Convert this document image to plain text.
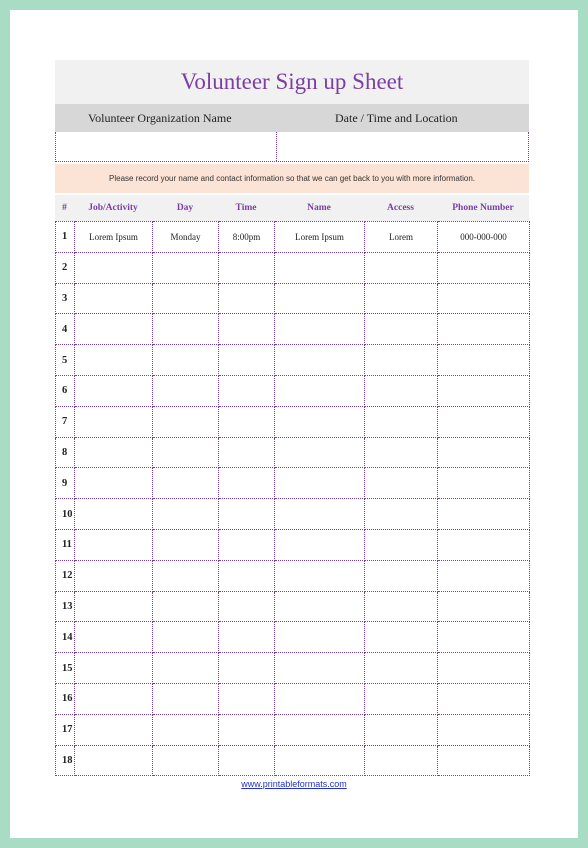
Volunteer Sign up Sheet
Volunteer Organization Name	Date / Time and Location
Please record your name and contact information so that we can get back to you with more information.
#	Job/Activity	Day	Time	Name	Access	Phone Number
1	Lorem Ipsum	Monday	8:00pm	Lorem Ipsum	Lorem	000-000-000
2						
3						
4						
5						
6						
7						
8						
9						
10						
11						
12						
13						
14						
15						
16						
17						
18						
www.printableformats.com
